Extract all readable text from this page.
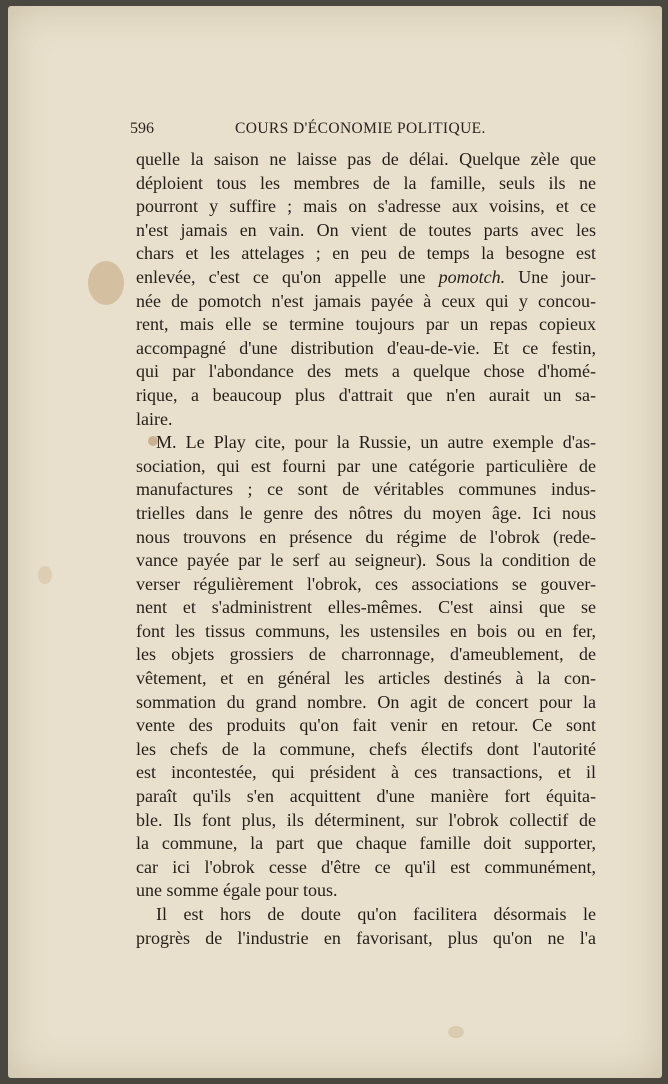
596	COURS D'ÉCONOMIE POLITIQUE.
quelle la saison ne laisse pas de délai. Quelque zèle que
déploient tous les membres de la famille, seuls ils ne
pourront y suffire ; mais on s'adresse aux voisins, et ce
n'est jamais en vain. On vient de toutes parts avec les
chars et les attelages ; en peu de temps la besogne est
enlevée, c'est ce qu'on appelle une pomotch. Une jour-
née de pomotch n'est jamais payée à ceux qui y concou-
rent, mais elle se termine toujours par un repas copieux
accompagné d'une distribution d'eau-de-vie. Et ce festin,
qui par l'abondance des mets a quelque chose d'homé-
rique, a beaucoup plus d'attrait que n'en aurait un sa-
laire.
M. Le Play cite, pour la Russie, un autre exemple d'as-
sociation, qui est fourni par une catégorie particulière de
manufactures ; ce sont de véritables communes indus-
trielles dans le genre des nôtres du moyen âge. Ici nous
nous trouvons en présence du régime de l'obrok (rede-
vance payée par le serf au seigneur). Sous la condition de
verser régulièrement l'obrok, ces associations se gouver-
nent et s'administrent elles-mêmes. C'est ainsi que se
font les tissus communs, les ustensiles en bois ou en fer,
les objets grossiers de charronnage, d'ameublement, de
vêtement, et en général les articles destinés à la con-
sommation du grand nombre. On agit de concert pour la
vente des produits qu'on fait venir en retour. Ce sont
les chefs de la commune, chefs électifs dont l'autorité
est incontestée, qui président à ces transactions, et il
paraît qu'ils s'en acquittent d'une manière fort équita-
ble. Ils font plus, ils déterminent, sur l'obrok collectif de
la commune, la part que chaque famille doit supporter,
car ici l'obrok cesse d'être ce qu'il est communément,
une somme égale pour tous.
Il est hors de doute qu'on facilitera désormais le
progrès de l'industrie en favorisant, plus qu'on ne l'a
